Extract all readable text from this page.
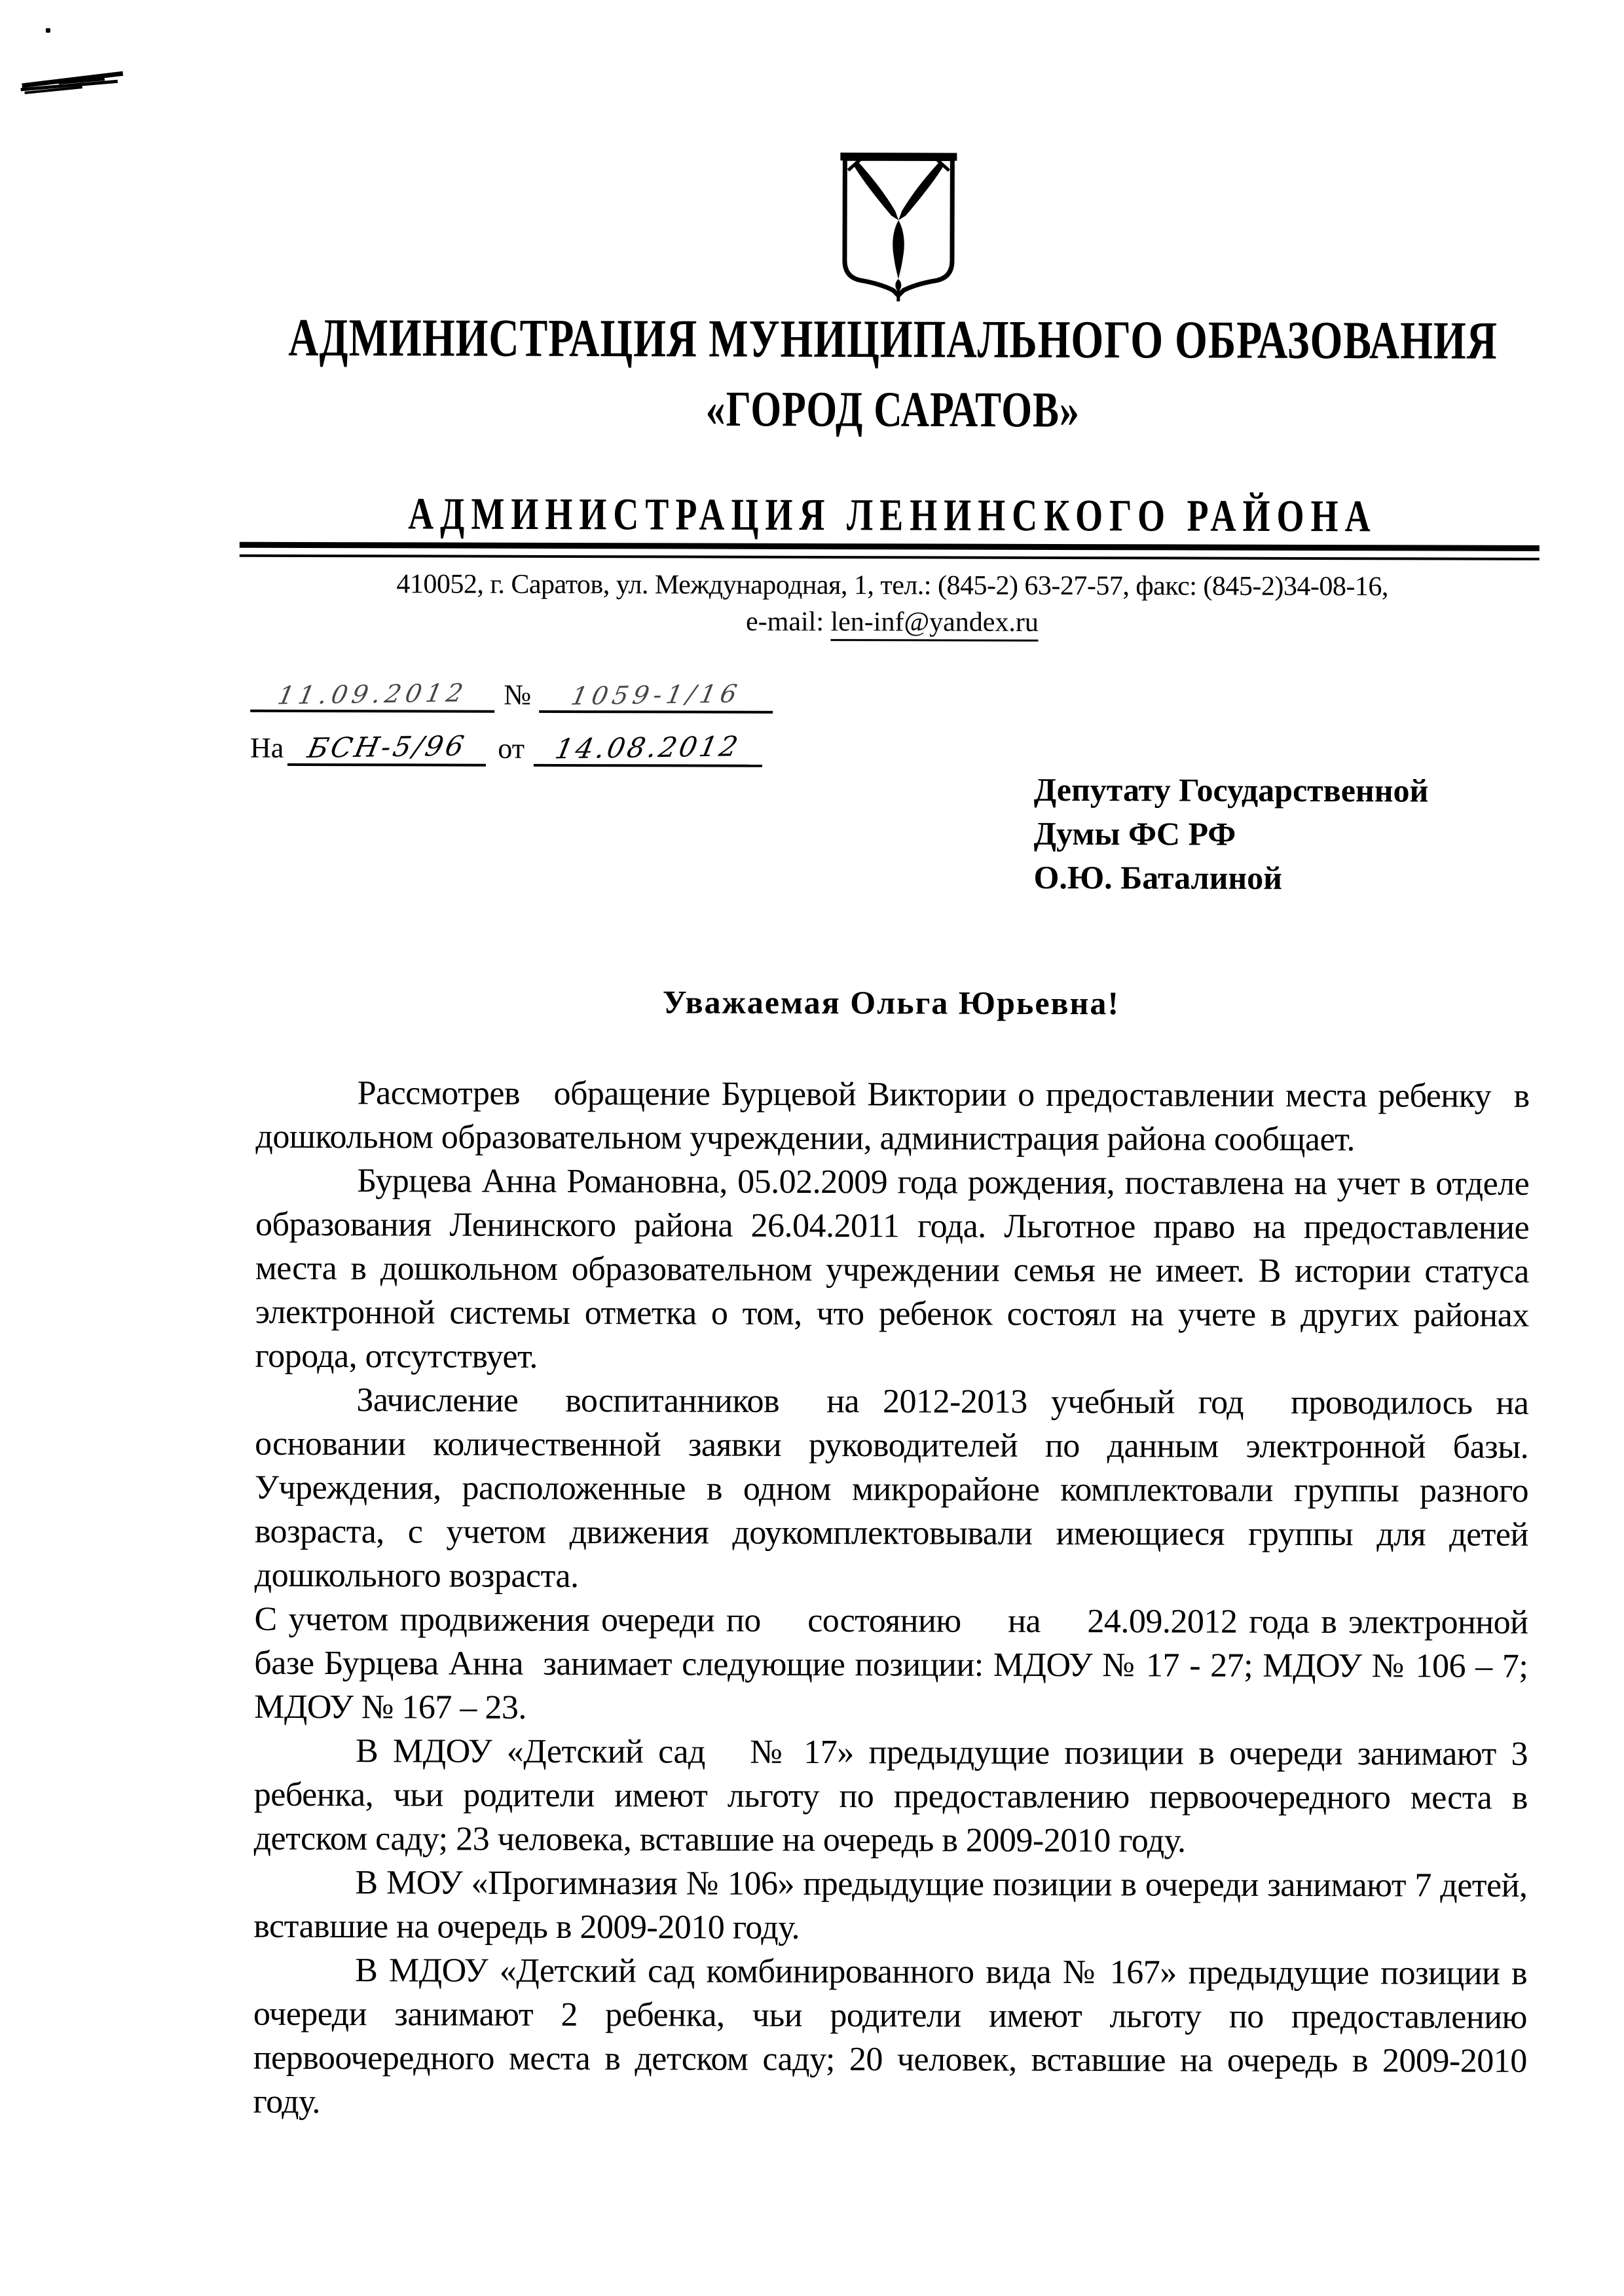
АДМИНИСТРАЦИЯ МУНИЦИПАЛЬНОГО ОБРАЗОВАНИЯ
«ГОРОД САРАТОВ»
АДМИНИСТРАЦИЯ ЛЕНИНСКОГО РАЙОНА
410052, г. Саратов, ул. Международная, 1, тел.: (845-2) 63-27-57, факс: (845-2)34-08-16,
e-mail: len-inf@yandex.ru
11.09.2012	№	1059-1/16
На БСН-5/96	от	14.08.2012
Депутату Государственной
Думы ФС РФ
О.Ю. Баталиной
Уважаемая Ольга Юрьевна!

Рассмотрев   обращение Бурцевой Виктории о предоставлении места ребенку  в дошкольном образовательном учреждении, администрация района сообщает.

Бурцева Анна Романовна, 05.02.2009 года рождения, поставлена на учет в отделе образования Ленинского района 26.04.2011 года. Льготное право на предоставление места в дошкольном образовательном учреждении семья не имеет. В истории статуса электронной системы отметка о том, что ребенок состоял на учете в других районах города, отсутствует.

Зачисление  воспитанников  на 2012-2013 учебный год  проводилось на основании количественной заявки руководителей по данным электронной базы. Учреждения, расположенные в одном микрорайоне комплектовали группы разного возраста, с учетом движения доукомплектовывали имеющиеся группы для детей дошкольного возраста.

С учетом продвижения очереди по    состоянию    на    24.09.2012 года в электронной базе Бурцева Анна  занимает следующие позиции: МДОУ № 17 - 27; МДОУ № 106 – 7; МДОУ № 167 – 23.

В МДОУ «Детский сад   № 17» предыдущие позиции в очереди занимают 3 ребенка, чьи родители имеют льготу по предоставлению первоочередного места в детском саду; 23 человека, вставшие на очередь в 2009-2010 году.

В МОУ «Прогимназия № 106» предыдущие позиции в очереди занимают 7 детей, вставшие на очередь в 2009-2010 году.

В МДОУ «Детский сад комбинированного вида № 167» предыдущие позиции в очереди занимают 2 ребенка, чьи родители имеют льготу по предоставлению первоочередного места в детском саду; 20 человек, вставшие на очередь в 2009-2010 году.
